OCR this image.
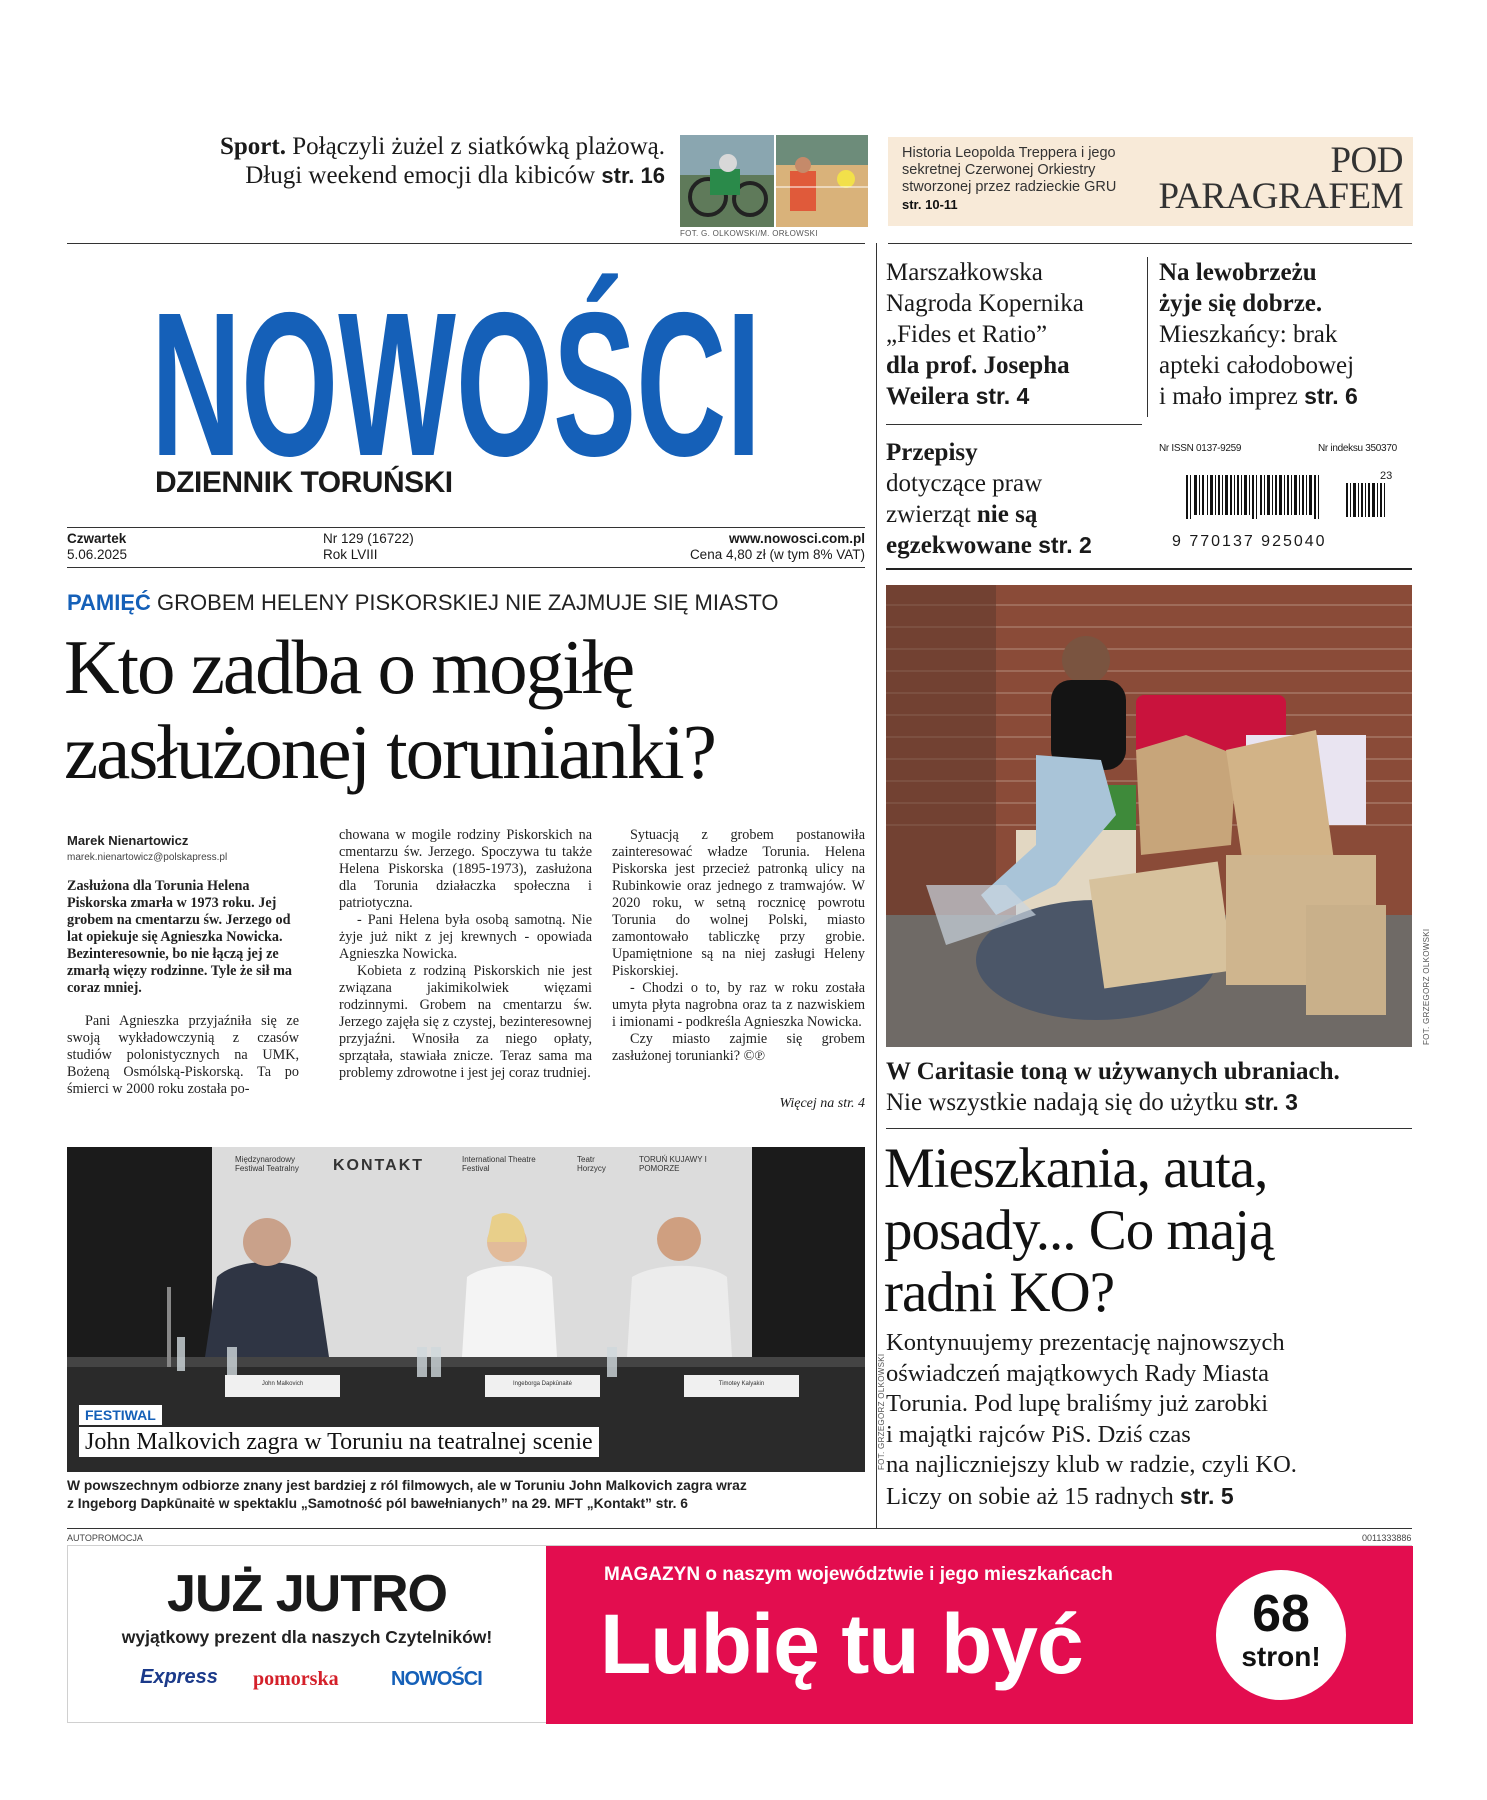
Sport. Połączyli żużel z siatkówką plażową.
Długi weekend emocji dla kibiców str. 16
FOT. G. OLKOWSKI/M. ORŁOWSKI
Historia Leopolda Treppera i jego sekretnej Czerwonej Orkiestry stworzonej przez radzieckie GRU
str. 10-11
POD
PARAGRAFEM
NOWOŚCI
DZIENNIK TORUŃSKI
Czwartek
5.06.2025
Nr 129 (16722)
Rok LVIII
www.nowosci.com.pl
Cena 4,80 zł (w tym 8% VAT)
Marszałkowska
Nagroda Kopernika
„Fides et Ratio”
dla prof. Josepha
Weilera str. 4
Na lewobrzeżu
żyje się dobrze.
Mieszkańcy: brak
apteki całodobowej
i mało imprez str. 6
Przepisy
dotyczące praw
zwierząt nie są
egzekwowane str. 2
Nr ISSN 0137-9259	Nr indeksu 350370
23
9 770137 925040
PAMIĘĆ GROBEM HELENY PISKORSKIEJ NIE ZAJMUJE SIĘ MIASTO
Kto zadba o mogiłę
zasłużonej torunianki?
Marek Nienartowicz
marek.nienartowicz@polskapress.pl

Zasłużona dla Torunia Helena Piskorska zmarła w 1973 roku. Jej grobem na cmentarzu św. Jerzego od lat opiekuje się Agnieszka Nowicka. Bezinteresownie, bo nie łączą jej ze zmarłą więzy rodzinne. Tyle że sił ma coraz mniej.

Pani Agnieszka przyjaźniła się ze swoją wykładowczynią z czasów studiów polonistycznych na UMK, Bożeną Osmólską-Piskorską. Ta po śmierci w 2000 roku została po-

chowana w mogile rodziny Piskorskich na cmentarzu św. Jerzego. Spoczywa tu także Helena Piskorska (1895-1973), zasłużona dla Torunia działaczka społeczna i patriotyczna.

- Pani Helena była osobą samotną. Nie żyje już nikt z jej krewnych - opowiada Agnieszka Nowicka.

Kobieta z rodziną Piskorskich nie jest związana jakimikolwiek więzami rodzinnymi. Grobem na cmentarzu św. Jerzego zajęła się z czystej, bezinteresownej przyjaźni. Wnosiła za niego opłaty, sprzątała, stawiała znicze. Teraz sama ma problemy zdrowotne i jest jej coraz trudniej.

Sytuacją z grobem postanowiła zainteresować władze Torunia. Helena Piskorska jest przecież patronką ulicy na Rubinkowie oraz jednego z tramwajów. W 2020 roku, w setną rocznicę powrotu Torunia do wolnej Polski, miasto zamontowało tabliczkę przy grobie. Upamiętnione są na niej zasługi Heleny Piskorskiej.

- Chodzi o to, by raz w roku została umyta płyta nagrobna oraz ta z nazwiskiem i imionami - podkreśla Agnieszka Nowicka.

Czy miasto zajmie się grobem zasłużonej torunianki? ©℗

Więcej na str. 4
FOT. GRZEGORZ OLKOWSKI
W Caritasie toną w używanych ubraniach.
Nie wszystkie nadają się do użytku str. 3
Mieszkania, auta,
posady... Co mają
radni KO?
Kontynuujemy prezentację najnowszych
oświadczeń majątkowych Rady Miasta
Torunia. Pod lupę braliśmy już zarobki
i majątki rajców PiS. Dziś czas
na najliczniejszy klub w radzie, czyli KO.
Liczy on sobie aż 15 radnych str. 5
Międzynarodowy Festiwal Teatralny	KONTAKT	International Theatre Festival
Teatr Horzycy
TORUŃ KUJAWY I POMORZE
John Malkovich	Ingeborga Dapkūnaitė	Timotey Kalyakin
FESTIWAL
John Malkovich zagra w Toruniu na teatralnej scenie	FOT. GRZEGORZ OLKOWSKI
W powszechnym odbiorze znany jest bardziej z ról filmowych, ale w Toruniu John Malkovich zagra wraz
z Ingeborg Dapkūnaitė w spektaklu „Samotność pól bawełnianych” na 29. MFT „Kontakt” str. 6
AUTOPROMOCJA	0011333886
JUŻ JUTRO
wyjątkowy prezent dla naszych Czytelników!
Express pomorska	NOWOŚCI
MAGAZYN o naszym województwie i jego mieszkańcach
Lubię tu być	68
stron!
